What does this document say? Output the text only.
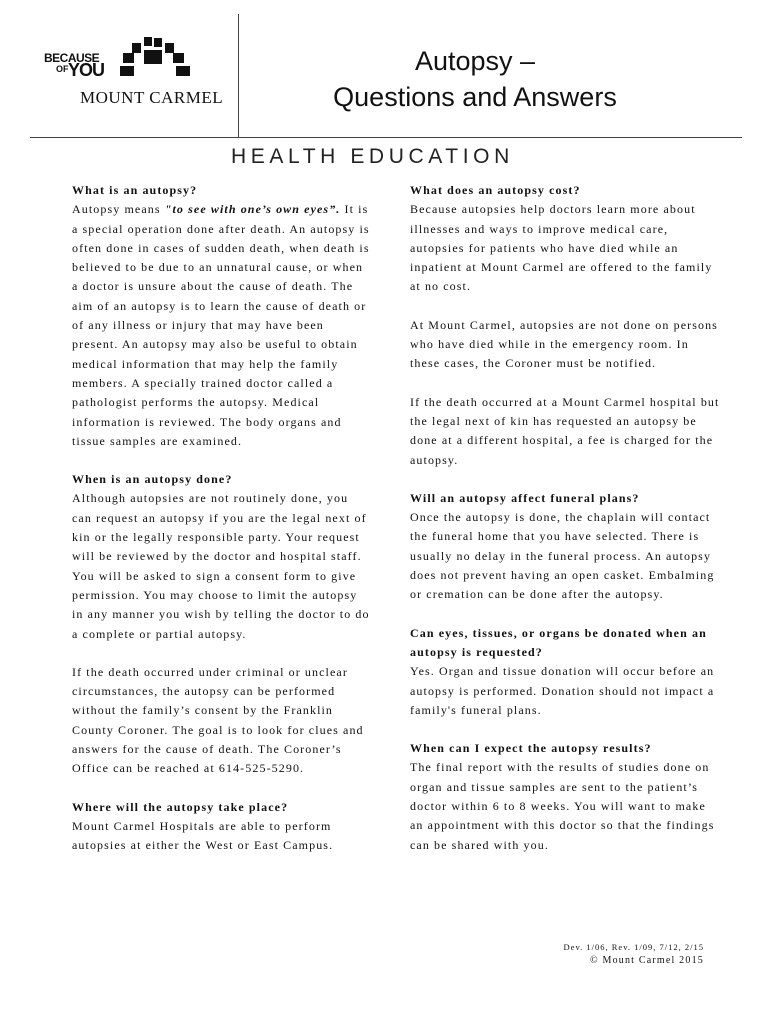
BECAUSE
OF YOU
MOUNT CARMEL
Autopsy –
Questions and Answers
HEALTH EDUCATION
What is an autopsy?

Autopsy means "to see with one’s own eyes”. It is a special operation done after death. An autopsy is often done in cases of sudden death, when death is believed to be due to an unnatural cause, or when a doctor is unsure about the cause of death. The aim of an autopsy is to learn the cause of death or of any illness or injury that may have been present. An autopsy may also be useful to obtain medical information that may help the family members. A specially trained doctor called a pathologist performs the autopsy. Medical information is reviewed. The body organs and tissue samples are examined.

When is an autopsy done?

Although autopsies are not routinely done, you can request an autopsy if you are the legal next of kin or the legally responsible party. Your request will be reviewed by the doctor and hospital staff. You will be asked to sign a consent form to give permission. You may choose to limit the autopsy in any manner you wish by telling the doctor to do a complete or partial autopsy.

If the death occurred under criminal or unclear circumstances, the autopsy can be performed without the family’s consent by the Franklin County Coroner. The goal is to look for clues and answers for the cause of death. The Coroner’s Office can be reached at 614-525-5290.

Where will the autopsy take place?

Mount Carmel Hospitals are able to perform autopsies at either the West or East Campus.

What does an autopsy cost?

Because autopsies help doctors learn more about illnesses and ways to improve medical care, autopsies for patients who have died while an inpatient at Mount Carmel are offered to the family at no cost.

At Mount Carmel, autopsies are not done on persons who have died while in the emergency room. In these cases, the Coroner must be notified.

If the death occurred at a Mount Carmel hospital but the legal next of kin has requested an autopsy be done at a different hospital, a fee is charged for the autopsy.

Will an autopsy affect funeral plans?

Once the autopsy is done, the chaplain will contact the funeral home that you have selected. There is usually no delay in the funeral process. An autopsy does not prevent having an open casket. Embalming or cremation can be done after the autopsy.

Can eyes, tissues, or organs be donated when an autopsy is requested?

Yes. Organ and tissue donation will occur before an autopsy is performed. Donation should not impact a family's funeral plans.

When can I expect the autopsy results?

The final report with the results of studies done on organ and tissue samples are sent to the patient’s doctor within 6 to 8 weeks. You will want to make an appointment with this doctor so that the findings can be shared with you.

Dev. 1/06, Rev. 1/09, 7/12, 2/15
© Mount Carmel 2015
